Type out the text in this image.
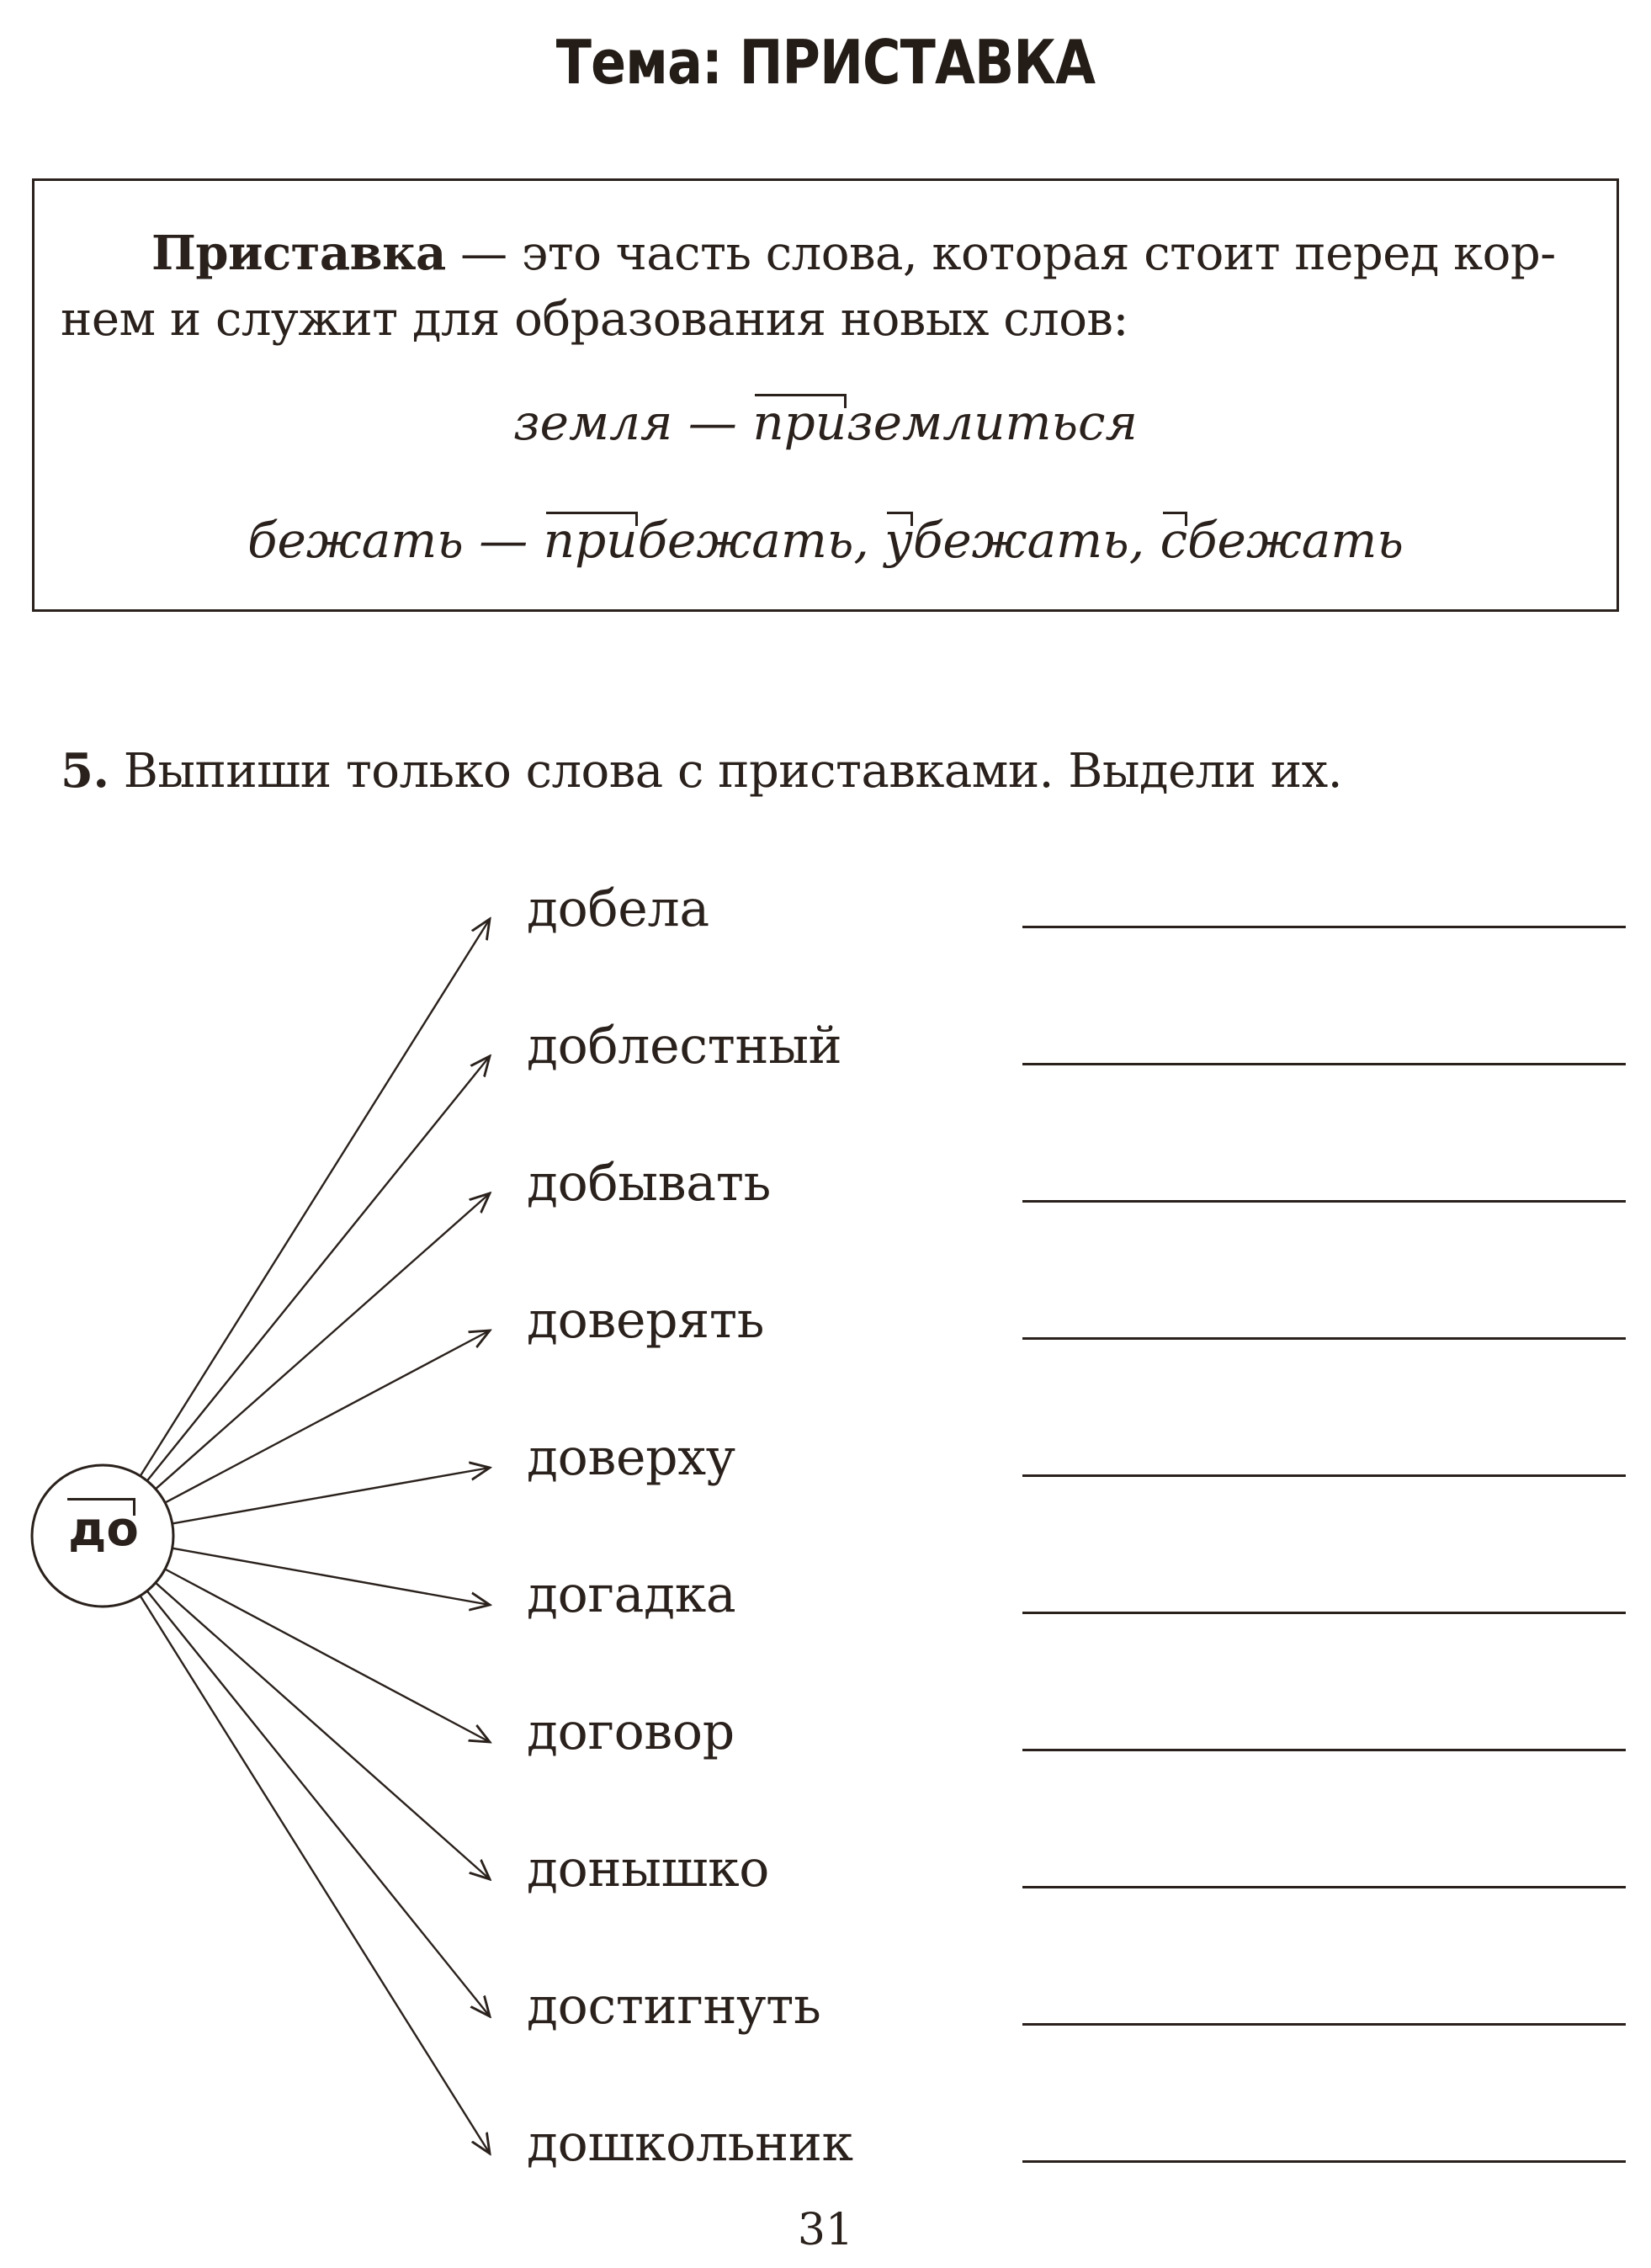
Тема: ПРИСТАВКА
Приставка — это часть слова, которая стоит перед кор-
нем и служит для образования новых слов:
земля — приземлиться
бежать — прибежать, убежать, сбежать
5. Выпиши только слова с приставками. Выдели их.
до
добела
доблестный
добывать
доверять
доверху
догадка
договор
донышко
достигнуть
дошкольник
31
